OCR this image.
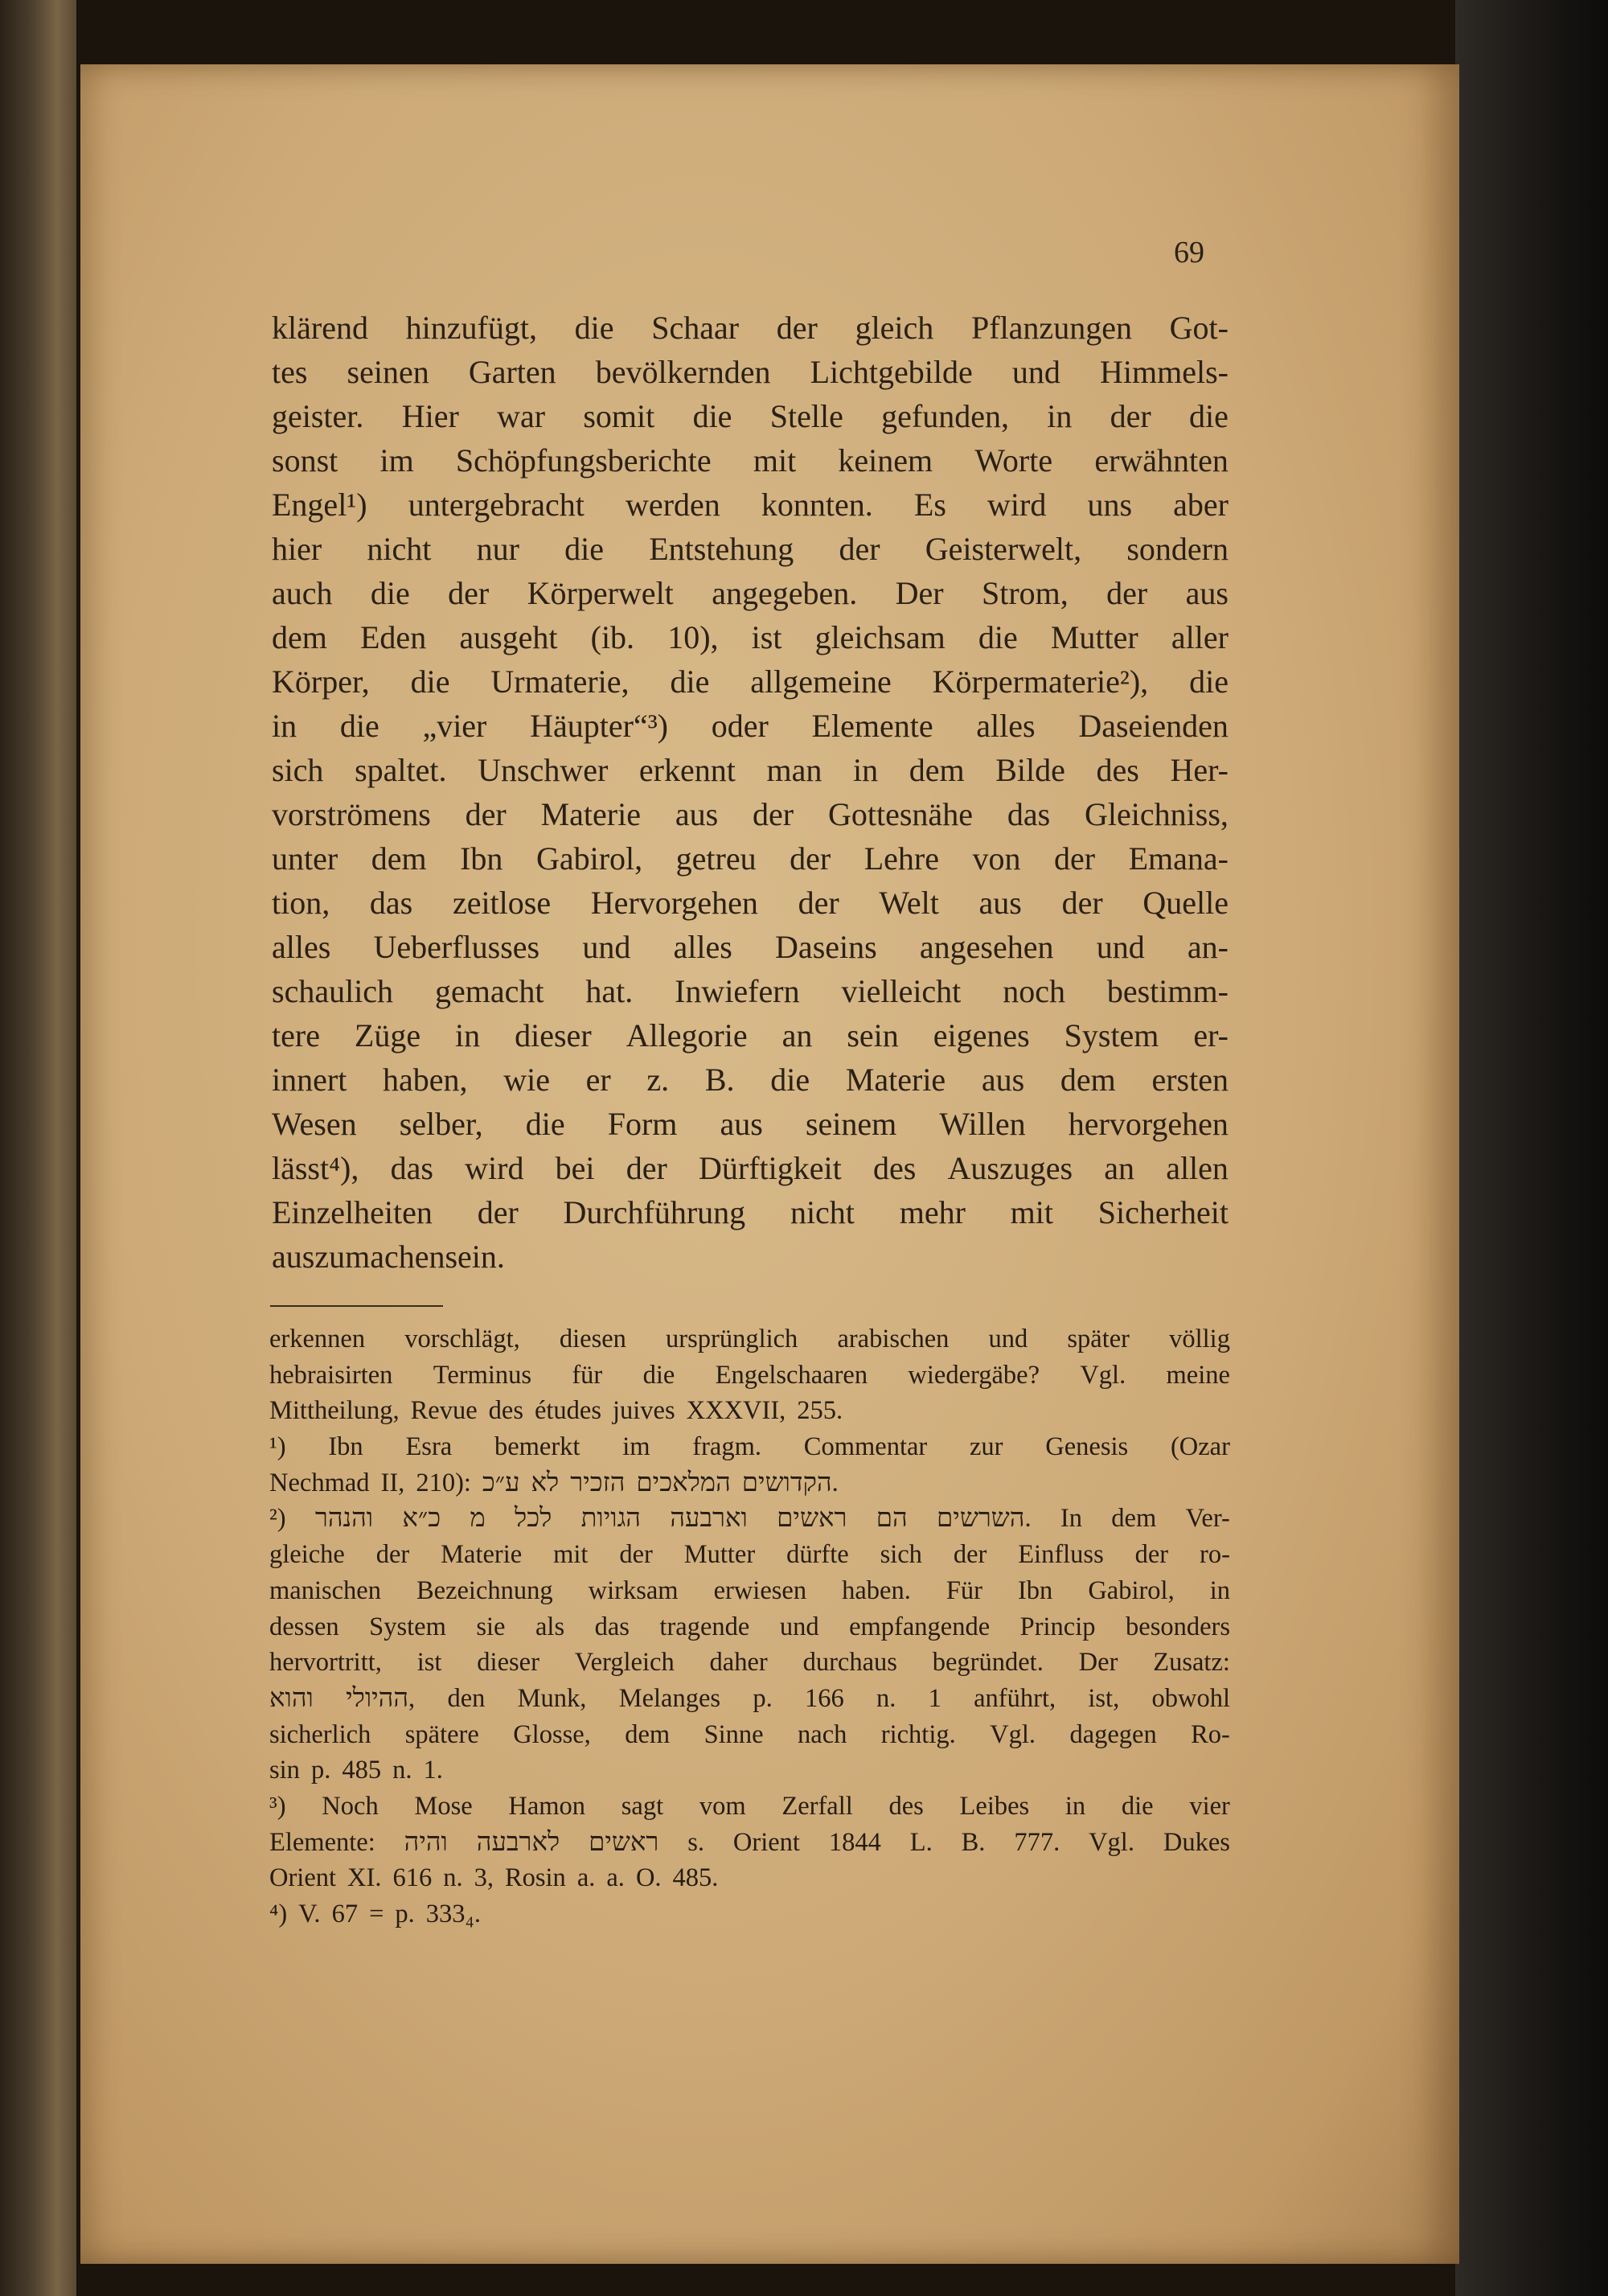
69
klärend hinzufügt, die Schaar der gleich Pflanzungen Got-
tes seinen Garten bevölkernden Lichtgebilde und Himmels-
geister. Hier war somit die Stelle gefunden, in der die
sonst im Schöpfungsberichte mit keinem Worte erwähnten
Engel¹) untergebracht werden konnten. Es wird uns aber
hier nicht nur die Entstehung der Geisterwelt, sondern
auch die der Körperwelt angegeben. Der Strom, der aus
dem Eden ausgeht (ib. 10), ist gleichsam die Mutter aller
Körper, die Urmaterie, die allgemeine Körpermaterie²), die
in die „vier Häupter“³) oder Elemente alles Daseienden
sich spaltet. Unschwer erkennt man in dem Bilde des Her-
vorströmens der Materie aus der Gottesnähe das Gleichniss,
unter dem Ibn Gabirol, getreu der Lehre von der Emana-
tion, das zeitlose Hervorgehen der Welt aus der Quelle
alles Ueberflusses und alles Daseins angesehen und an-
schaulich gemacht hat. Inwiefern vielleicht noch bestimm-
tere Züge in dieser Allegorie an sein eigenes System er-
innert haben, wie er z. B. die Materie aus dem ersten
Wesen selber, die Form aus seinem Willen hervorgehen
lässt⁴), das wird bei der Dürftigkeit des Auszuges an allen
Einzelheiten der Durchführung nicht mehr mit Sicherheit
auszumachen sein.
erkennen vorschlägt, diesen ursprünglich arabischen und später völlig
hebraisirten Terminus für die Engelschaaren wiedergäbe? Vgl. meine
Mittheilung, Revue des études juives XXXVII, 255.
¹) Ibn Esra bemerkt im fragm. Commentar zur Genesis (Ozar
Nechmad II, 210): ע״כ לא הזכיר המלאכים הקדושים.
²) והנהר כ״א מ לכל הגויות וארבעה ראשים הם השרשים. In dem Ver-
gleiche der Materie mit der Mutter dürfte sich der Einfluss der ro-
manischen Bezeichnung wirksam erwiesen haben. Für Ibn Gabirol, in
dessen System sie als das tragende und empfangende Princip besonders
hervortritt, ist dieser Vergleich daher durchaus begründet. Der Zusatz:
והוא ההיולי, den Munk, Melanges p. 166 n. 1 anführt, ist, obwohl
sicherlich spätere Glosse, dem Sinne nach richtig. Vgl. dagegen Ro-
sin p. 485 n. 1.
³) Noch Mose Hamon sagt vom Zerfall des Leibes in die vier
Elemente: והיה לארבעה ראשים s. Orient 1844 L. B. 777. Vgl. Dukes
Orient XI. 616 n. 3, Rosin a. a. O. 485.
⁴) V. 67 = p. 333₄.
